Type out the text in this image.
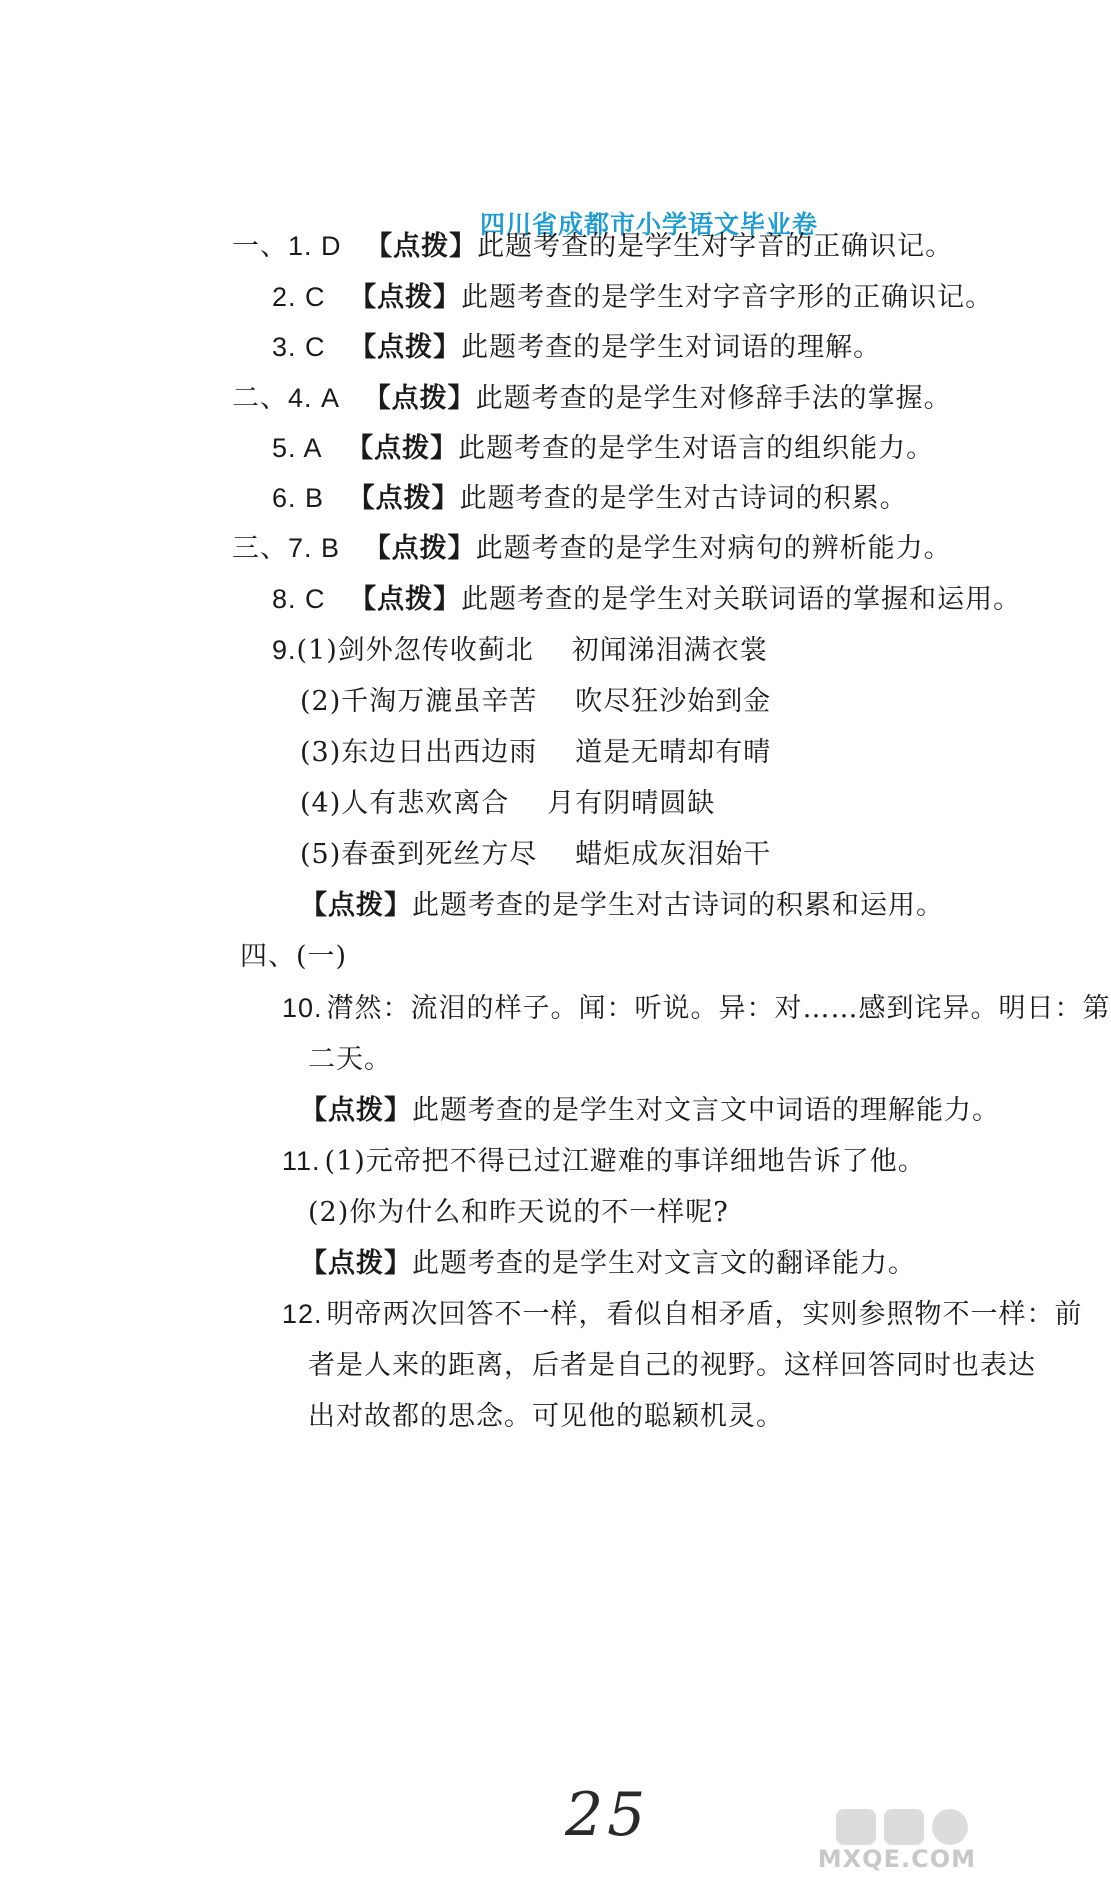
四川省成都市小学语文毕业卷
一、1. D 【点拨】此题考查的是学生对字音的正确识记。
2. C 【点拨】此题考查的是学生对字音字形的正确识记。
3. C 【点拨】此题考查的是学生对词语的理解。
二、4. A 【点拨】此题考查的是学生对修辞手法的掌握。
5. A 【点拨】此题考查的是学生对语言的组织能力。
6. B 【点拨】此题考查的是学生对古诗词的积累。
三、7. B 【点拨】此题考查的是学生对病句的辨析能力。
8. C 【点拨】此题考查的是学生对关联词语的掌握和运用。
9.(1)剑外忽传收蓟北 初闻涕泪满衣裳
(2)千淘万漉虽辛苦 吹尽狂沙始到金
(3)东边日出西边雨 道是无晴却有晴
(4)人有悲欢离合 月有阴晴圆缺
(5)春蚕到死丝方尽 蜡炬成灰泪始干
【点拨】此题考查的是学生对古诗词的积累和运用。
四、(一)
10. 潸然：流泪的样子。闻：听说。异：对……感到诧异。明日：第
二天。
【点拨】此题考查的是学生对文言文中词语的理解能力。
11. (1)元帝把不得已过江避难的事详细地告诉了他。
(2)你为什么和昨天说的不一样呢?
【点拨】此题考查的是学生对文言文的翻译能力。
12. 明帝两次回答不一样，看似自相矛盾，实则参照物不一样：前
者是人来的距离，后者是自己的视野。这样回答同时也表达
出对故都的思念。可见他的聪颖机灵。
25
MXQE.COM
